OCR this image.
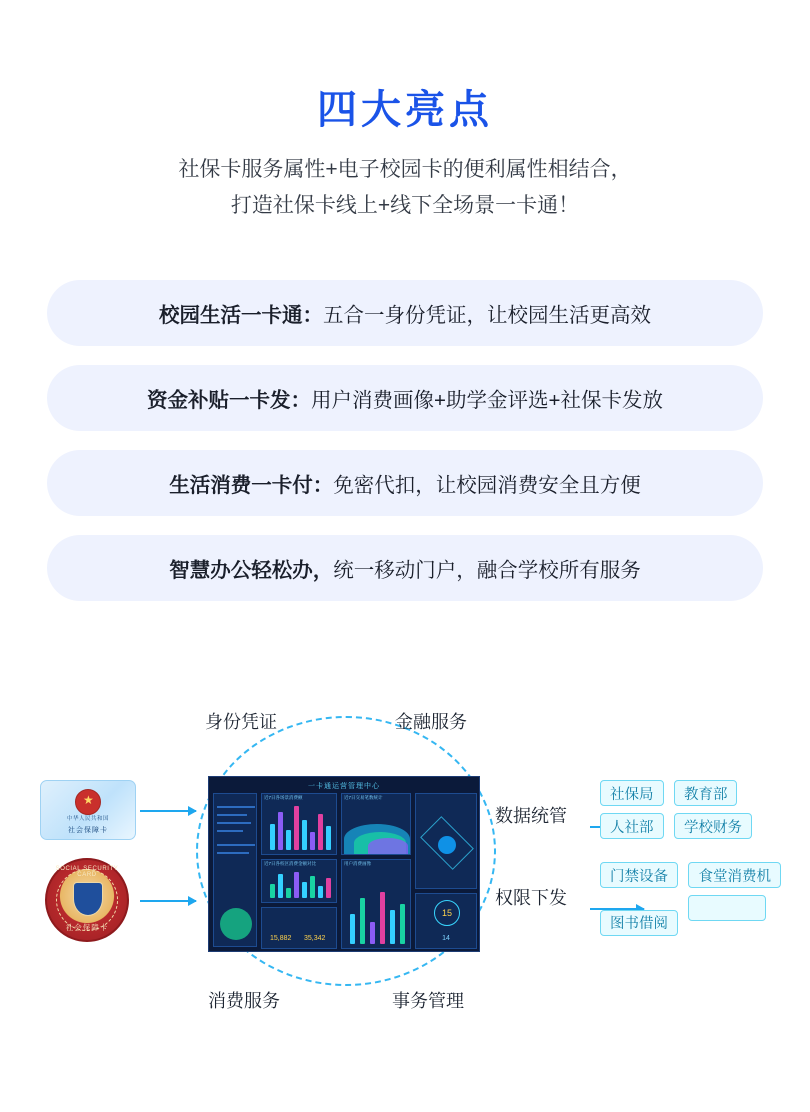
四大亮点
社保卡服务属性+电子校园卡的便利属性相结合，
打造社保卡线上+线下全场景一卡通！
校园生活一卡通： 五合一身份凭证，让校园生活更高效
资金补贴一卡发： 用户消费画像+助学金评选+社保卡发放
生活消费一卡付： 免密代扣，让校园消费安全且方便
智慧办公轻松办， 统一移动门户，融合学校所有服务
身份凭证	金融服务
消费服务	事务管理
★
中华人民共和国
社会保障卡
SOCIAL SECURITY CARD
社会保障卡
一卡通运营管理中心
近7日各场景消费额
近7日各校区消费金额对比
15,882 35,342
近7日交易笔数统计
用户消费画像
15
14
数据统管
社保局 教育部 人社部 学校财务
权限下发
门禁设备 食堂消费机 图书借阅
